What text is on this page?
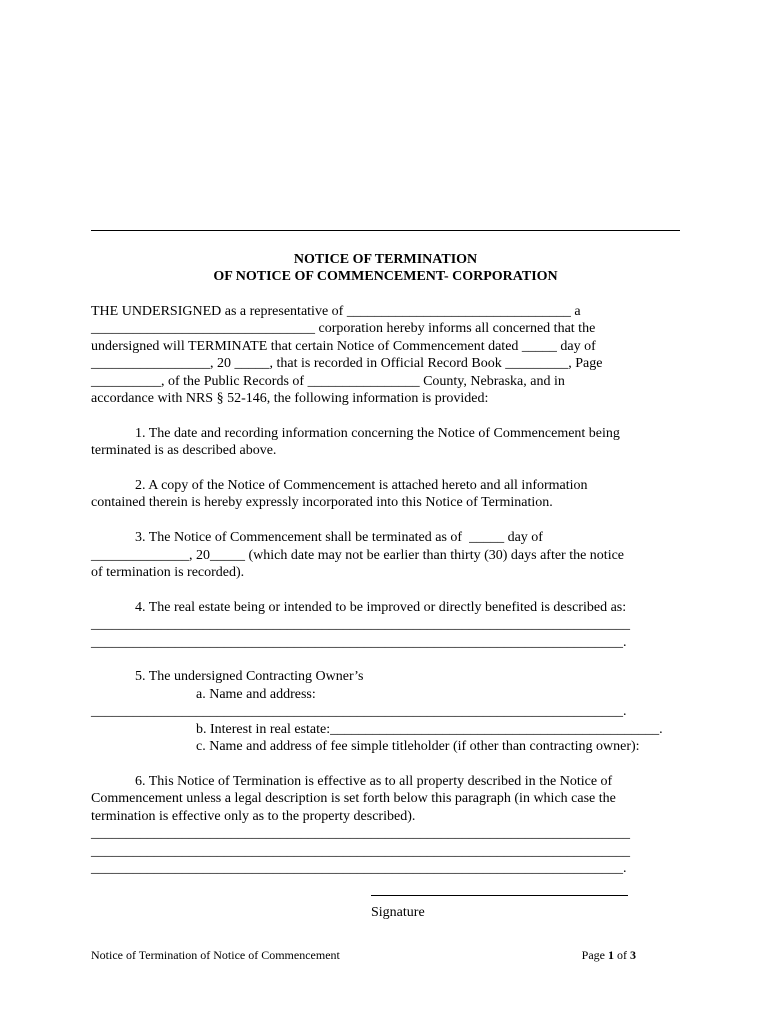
NOTICE OF TERMINATION
OF NOTICE OF COMMENCEMENT- CORPORATION

THE UNDERSIGNED as a representative of ________________________________ a

________________________________ corporation hereby informs all concerned that the

undersigned will TERMINATE that certain Notice of Commencement dated _____ day of

_________________, 20 _____, that is recorded in Official Record Book _________, Page

__________, of the Public Records of ________________ County, Nebraska, and in

accordance with NRS § 52-146, the following information is provided:

1. The date and recording information concerning the Notice of Commencement being

terminated is as described above.

2. A copy of the Notice of Commencement is attached hereto and all information

contained therein is hereby expressly incorporated into this Notice of Termination.

3. The Notice of Commencement shall be terminated as of  _____ day of

______________, 20_____ (which date may not be earlier than thirty (30) days after the notice

of termination is recorded).

4. The real estate being or intended to be improved or directly benefited is described as:

_____________________________________________________________________________

____________________________________________________________________________.

5. The undersigned Contracting Owner’s

a. Name and address:

____________________________________________________________________________.

b. Interest in real estate:_______________________________________________.

c. Name and address of fee simple titleholder (if other than contracting owner):

6. This Notice of Termination is effective as to all property described in the Notice of

Commencement unless a legal description is set forth below this paragraph (in which case the

termination is effective only as to the property described).

_____________________________________________________________________________

_____________________________________________________________________________

____________________________________________________________________________.

Signature
Notice of Termination of Notice of Commencement	Page 1 of 3
